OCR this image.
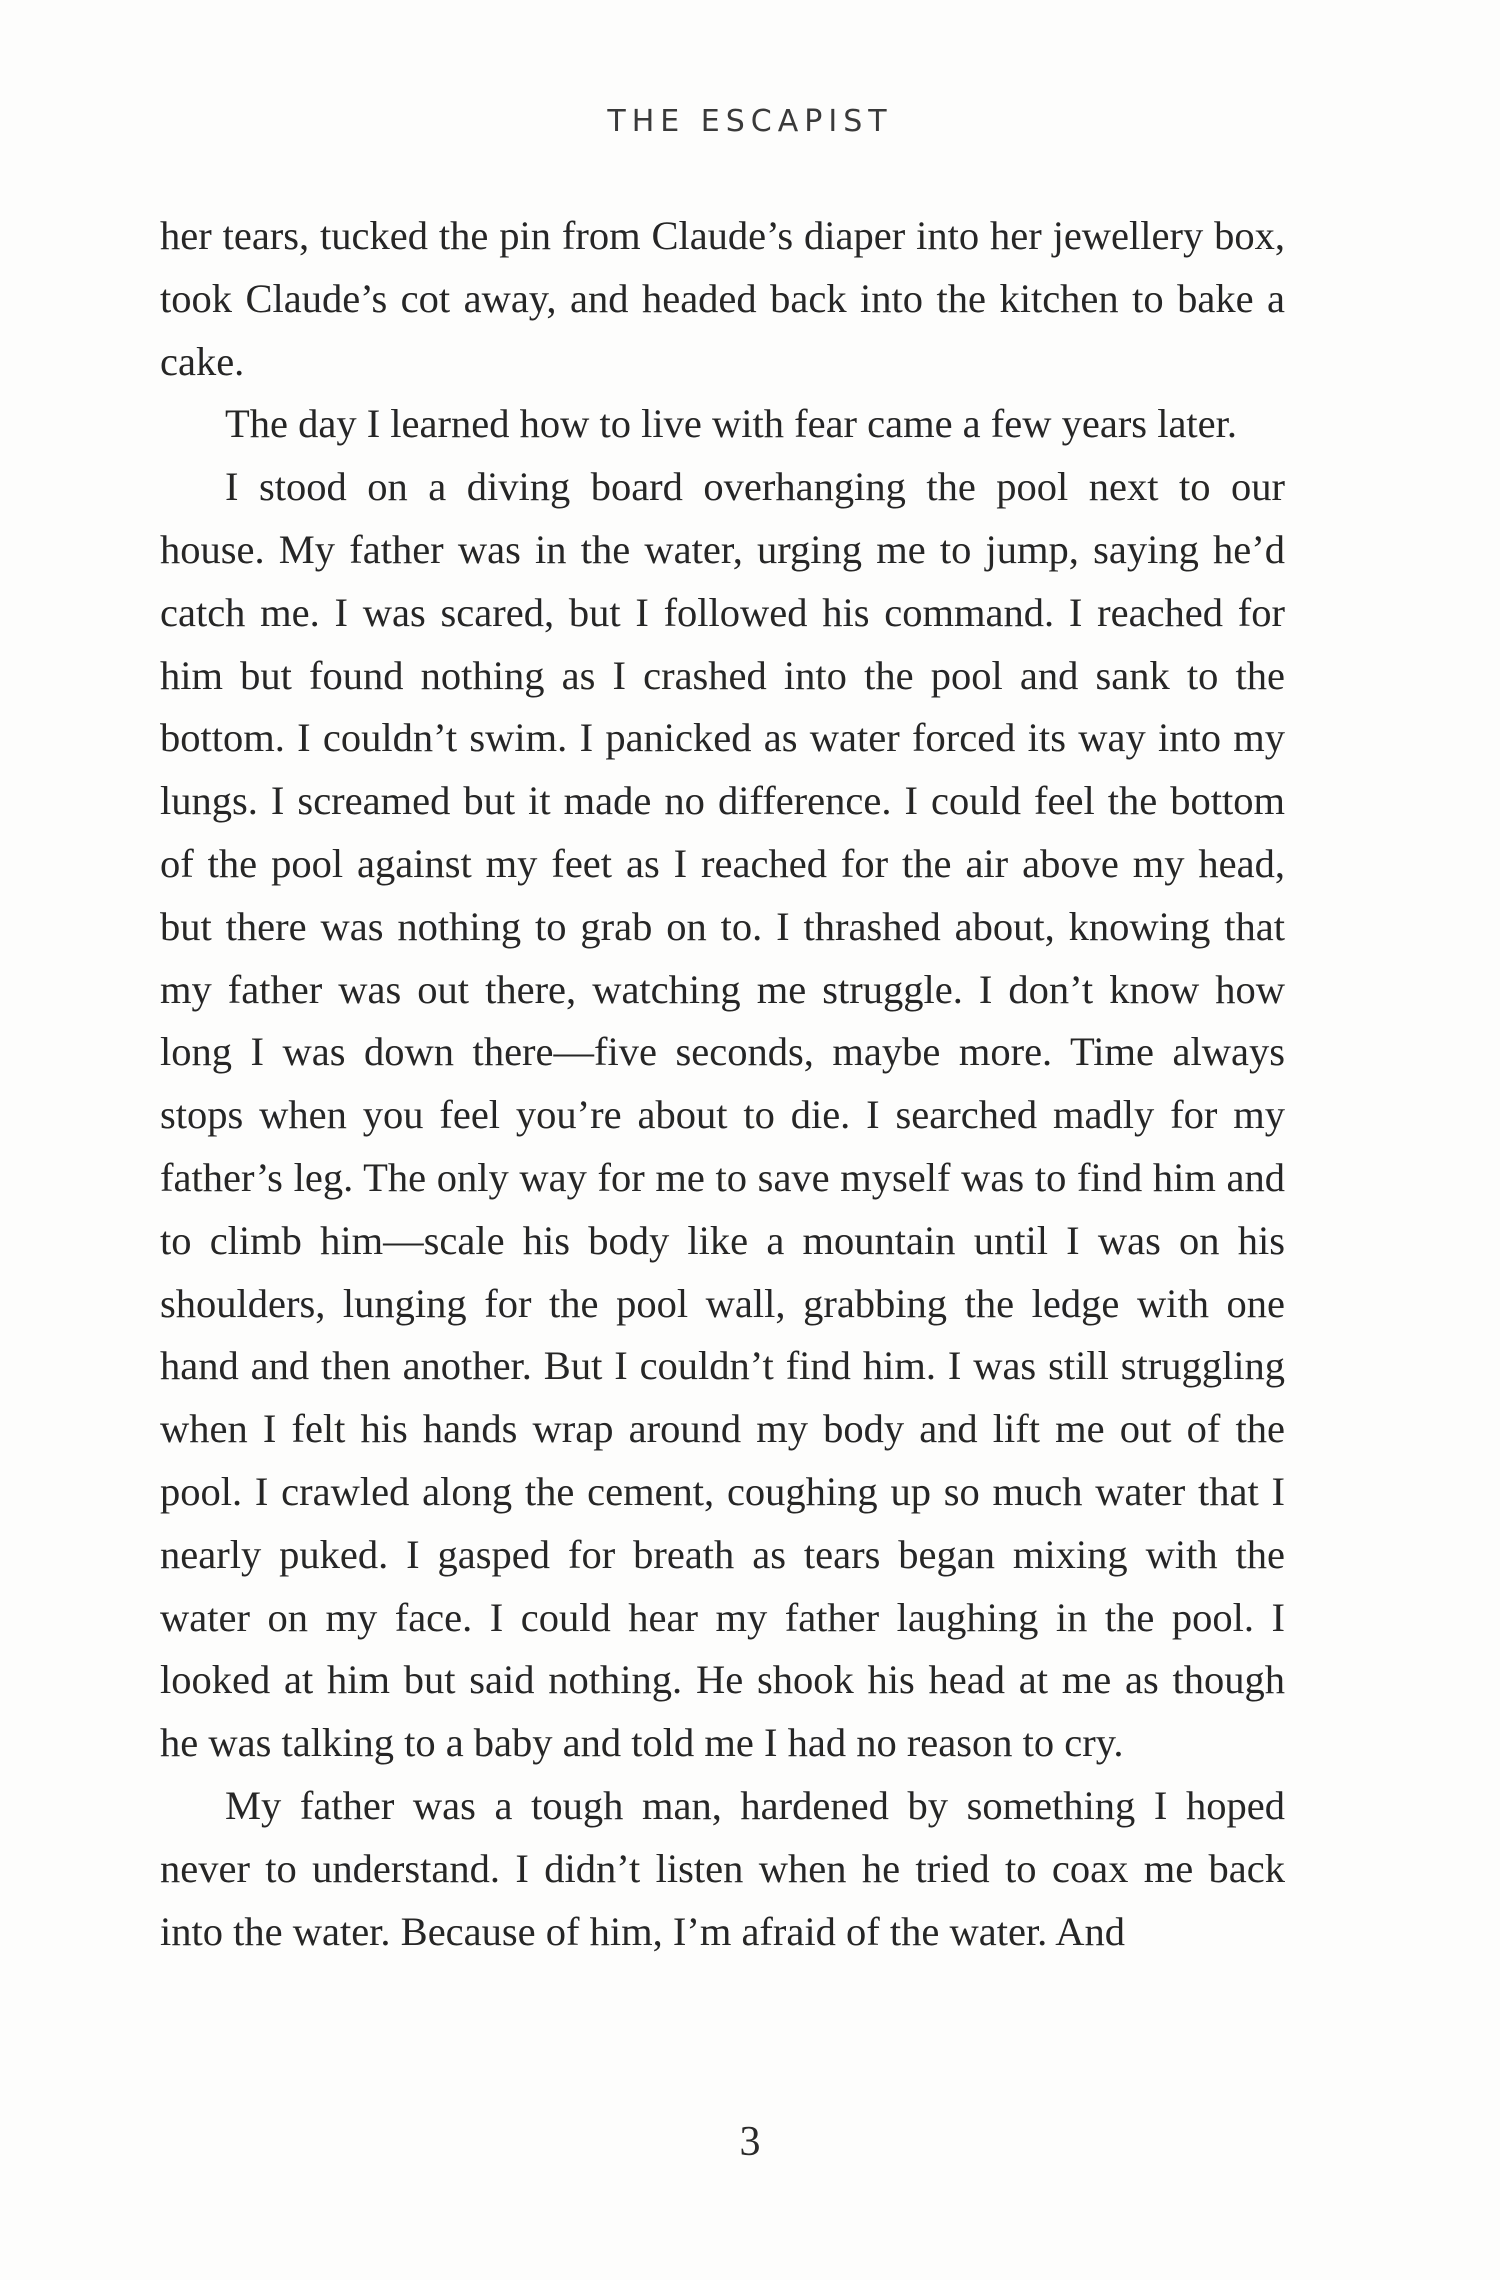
THE ESCAPIST

her tears, tucked the pin from Claude’s diaper into her jewellery box, took Claude’s cot away, and headed back into the kitchen to bake a cake.

The day I learned how to live with fear came a few years later.

I stood on a diving board overhanging the pool next to our house. My father was in the water, urging me to jump, saying he’d catch me. I was scared, but I followed his command. I reached for him but found nothing as I crashed into the pool and sank to the bottom. I couldn’t swim. I panicked as water forced its way into my lungs. I screamed but it made no difference. I could feel the bottom of the pool against my feet as I reached for the air above my head, but there was nothing to grab on to. I thrashed about, knowing that my father was out there, watching me struggle. I don’t know how long I was down there—five seconds, maybe more. Time always stops when you feel you’re about to die. I searched madly for my father’s leg. The only way for me to save myself was to find him and to climb him—scale his body like a mountain until I was on his shoulders, lunging for the pool wall, grabbing the ledge with one hand and then another. But I couldn’t find him. I was still struggling when I felt his hands wrap around my body and lift me out of the pool. I crawled along the cement, coughing up so much water that I nearly puked. I gasped for breath as tears began mixing with the water on my face. I could hear my father laughing in the pool. I looked at him but said nothing. He shook his head at me as though he was talking to a baby and told me I had no reason to cry.

My father was a tough man, hardened by something I hoped never to understand. I didn’t listen when he tried to coax me back into the water. Because of him, I’m afraid of the water. And

3
